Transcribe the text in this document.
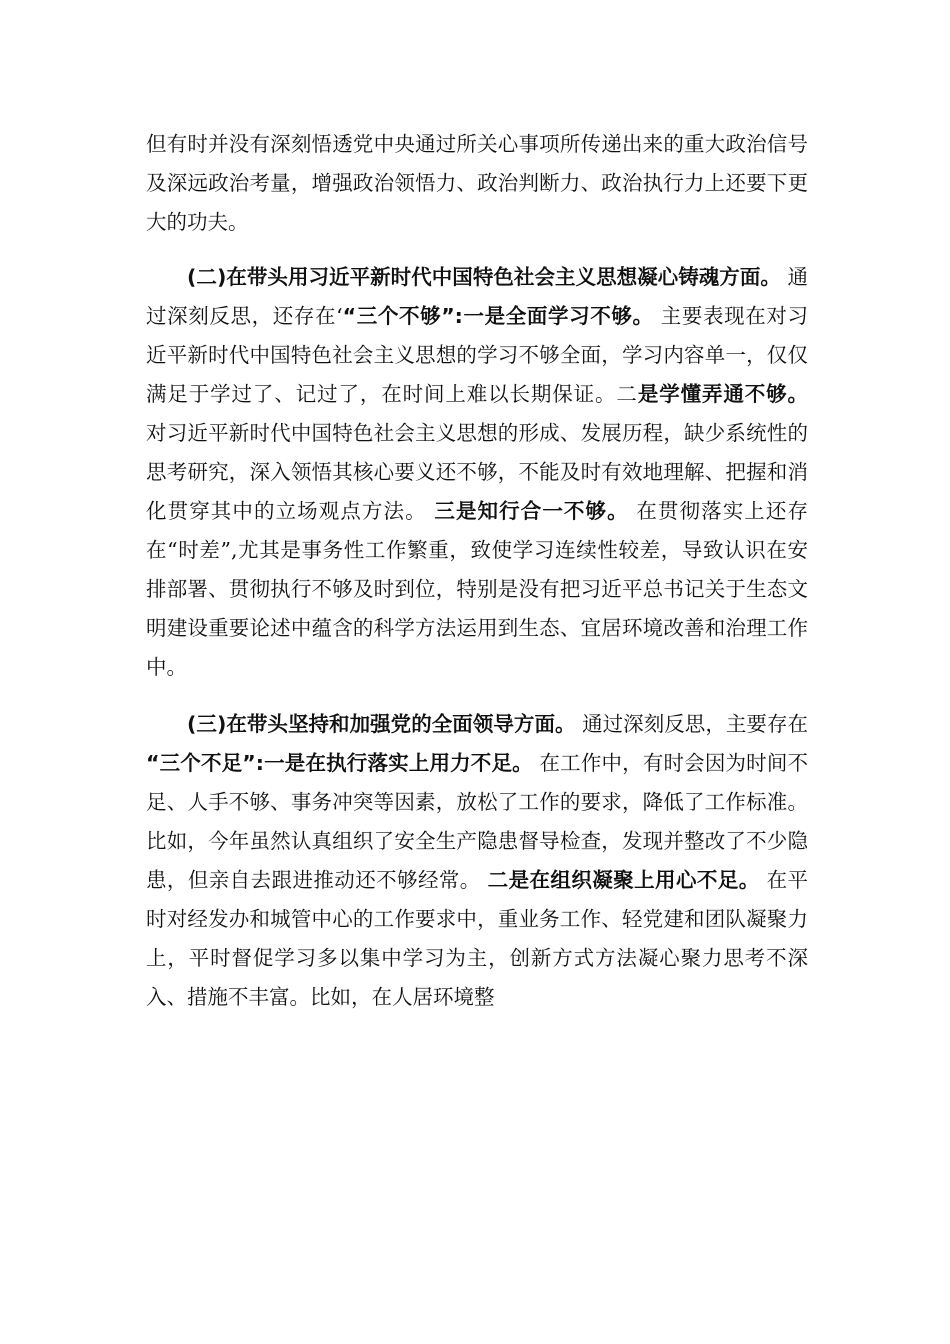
但有时并没有深刻悟透党中央通过所关心事项所传递出来的重大政治信号及深远政治考量，增强政治领悟力、政治判断力、政治执行力上还要下更大的功夫。

(二)在带头用习近平新时代中国特色社会主义思想凝心铸魂方面。 通过深刻反思，还存在‘“三个不够”:一是全面学习不够。 主要表现在对习近平新时代中国特色社会主义思想的学习不够全面，学习内容单一，仅仅满足于学过了、记过了，在时间上难以长期保证。二是学懂弄通不够。 对习近平新时代中国特色社会主义思想的形成、发展历程，缺少系统性的思考研究，深入领悟其核心要义还不够，不能及时有效地理解、把握和消化贯穿其中的立场观点方法。 三是知行合一不够。 在贯彻落实上还存在“时差”,尤其是事务性工作繁重，致使学习连续性较差，导致认识在安排部署、贯彻执行不够及时到位，特别是没有把习近平总书记关于生态文明建设重要论述中蕴含的科学方法运用到生态、宜居环境改善和治理工作中。

(三)在带头坚持和加强党的全面领导方面。 通过深刻反思，主要存在 “三个不足”:一是在执行落实上用力不足。 在工作中，有时会因为时间不足、人手不够、事务冲突等因素，放松了工作的要求，降低了工作标准。比如，今年虽然认真组织了安全生产隐患督导检查，发现并整改了不少隐患，但亲自去跟进推动还不够经常。 二是在组织凝聚上用心不足。 在平时对经发办和城管中心的工作要求中，重业务工作、轻党建和团队凝聚力上，平时督促学习多以集中学习为主，创新方式方法凝心聚力思考不深入、措施不丰富。比如，在人居环境整
